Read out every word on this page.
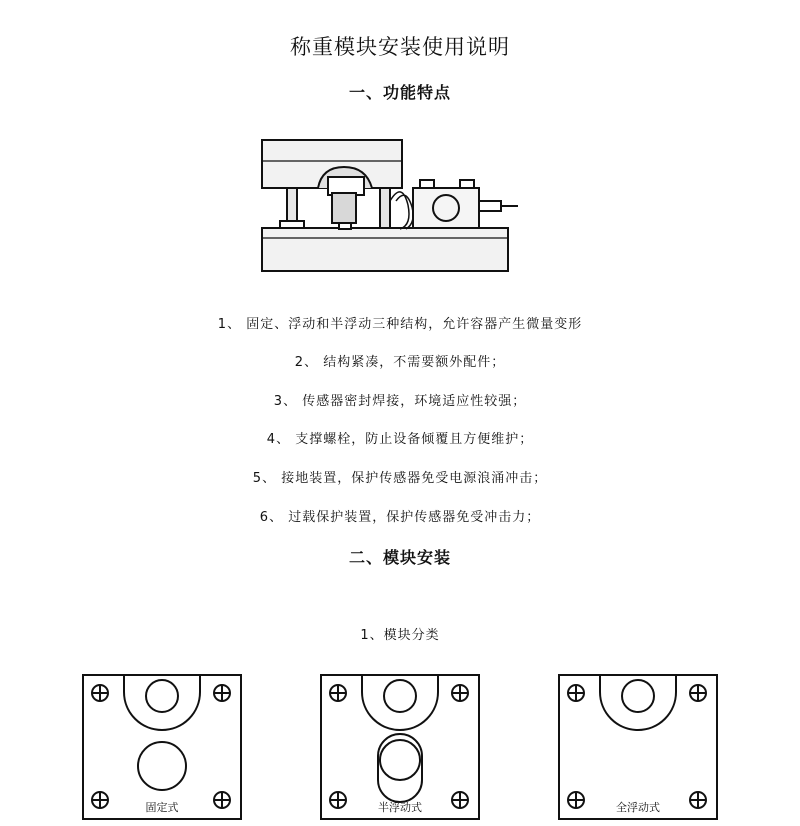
称重模块安装使用说明
一、功能特点
1、 固定、浮动和半浮动三种结构，允许容器产生微量变形
2、 结构紧凑，不需要额外配件；
3、 传感器密封焊接，环境适应性较强；
4、 支撑螺栓，防止设备倾覆且方便维护；
5、 接地装置，保护传感器免受电源浪涌冲击；
6、 过载保护装置，保护传感器免受冲击力；
二、模块安装
1、模块分类
固定式	半浮动式	全浮动式
